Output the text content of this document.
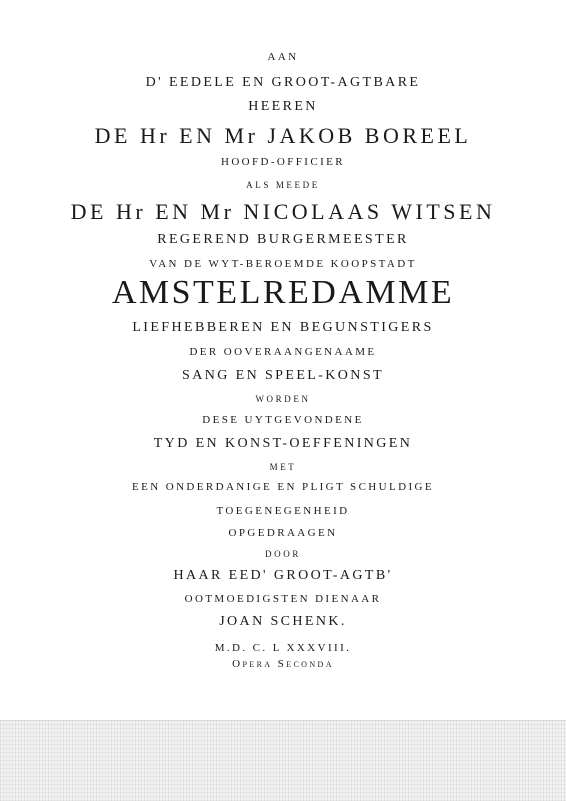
AAN
D' EEDELE EN GROOT-AGTBARE
HEEREN
DE Hr EN Mr JAKOB BOREEL
HOOFD-OFFICIER
ALS MEEDE
DE Hr EN Mr NICOLAAS WITSEN
REGEREND BURGERMEESTER
VAN DE WYT-BEROEMDE KOOPSTADT
AMSTELREDAMME
LIEFHEBBEREN EN BEGUNSTIGERS
DER OOVERAANGENAAME
SANG EN SPEEL-KONST
WORDEN
DESE UYTGEVONDENE
TYD EN KONST-OEFFENINGEN
MET
EEN ONDERDANIGE EN PLIGT SCHULDIGE
TOEGENEGENHEID
OPGEDRAAGEN
DOOR
HAAR EED' GROOT-AGTB'
OOTMOEDIGSTEN DIENAAR
JOAN SCHENK.
M.D. C. L XXXVIII.
Opera Seconda
